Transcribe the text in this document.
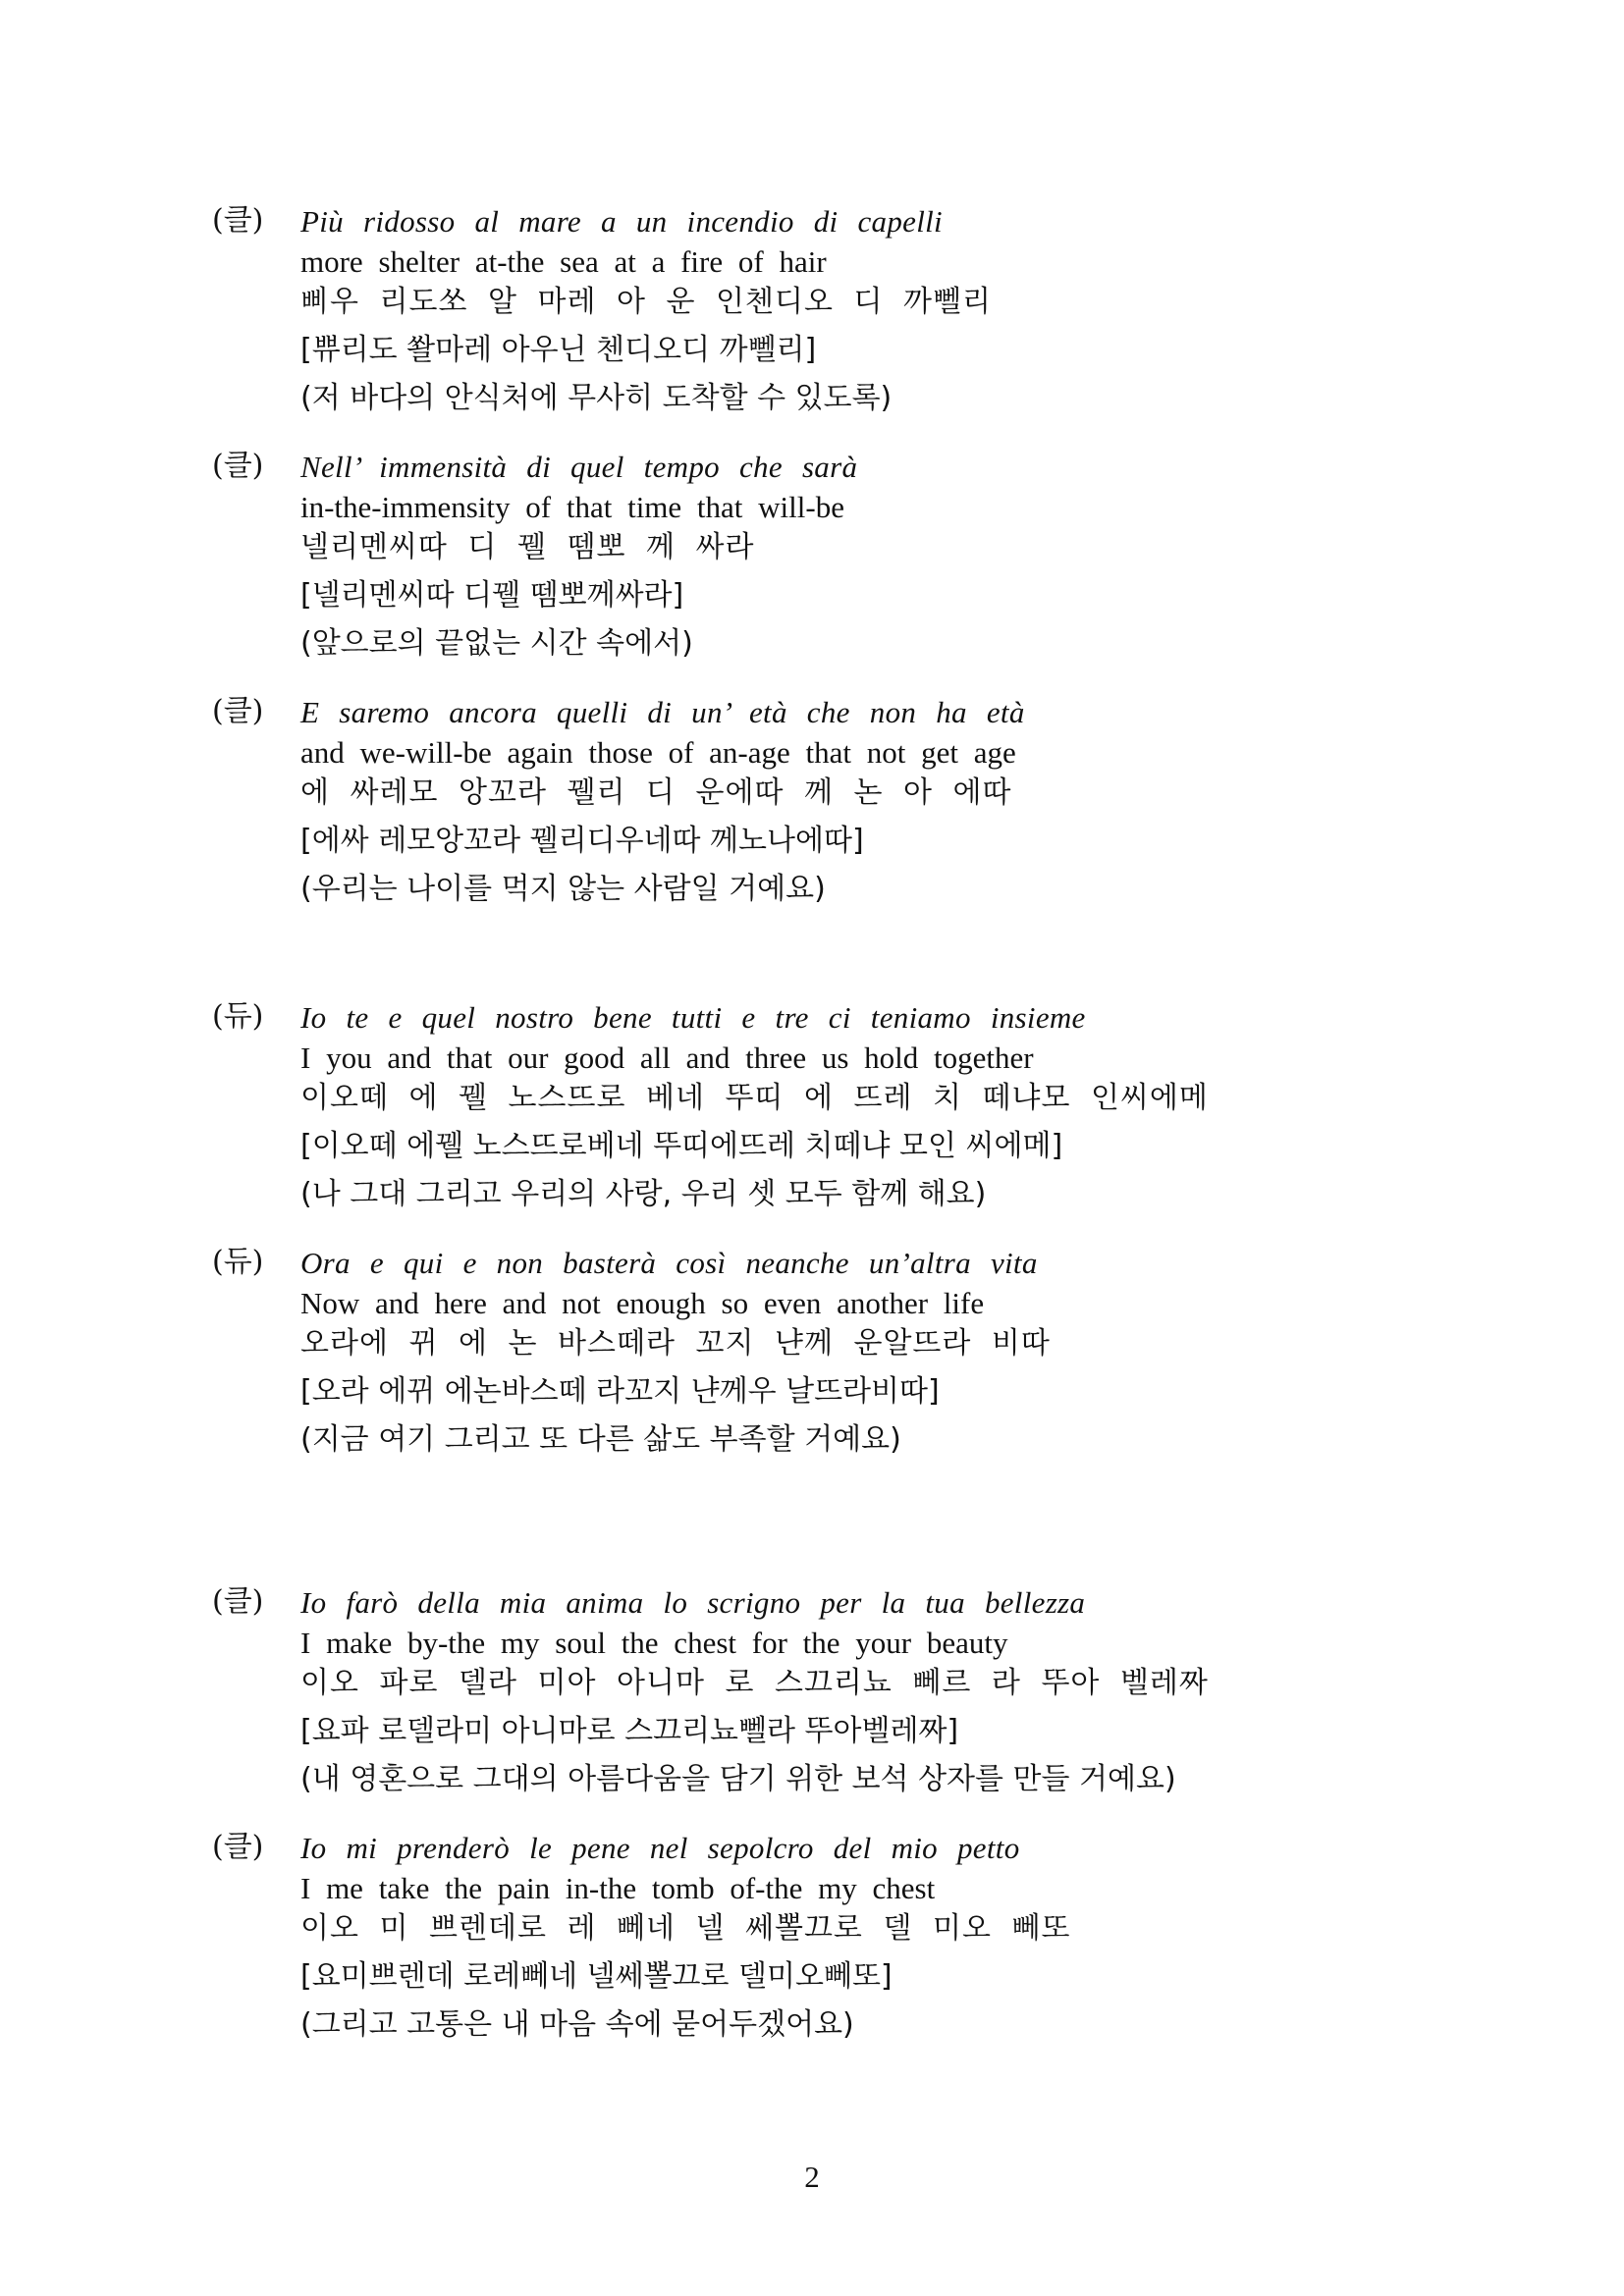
(클) Più ridosso al mare a un incendio di capelli
more shelter at-the sea at a fire of hair
삐우 리도쏘 알 마레 아 운 인첸디오 디 까뻴리
[쀼리도 쏼마레 아우닌 첸디오디 까뻴리]
(저 바다의 안식처에 무사히 도착할 수 있도록)
(클) Nell’ immensità di quel tempo che sarà
in-the-immensity of that time that will-be
넬리멘씨따 디 꿸 뗌뽀 께 싸라
[넬리멘씨따 디꿸 뗌뽀께싸라]
(앞으로의 끝없는 시간 속에서)
(클) E saremo ancora quelli di un’ età che non ha età
and we-will-be again those of an-age that not get age
에 싸레모 앙꼬라 꿸리 디 운에따 께 논 아 에따
[에싸 레모앙꼬라 꿸리디우네따 께노나에따]
(우리는 나이를 먹지 않는 사람일 거예요)
(듀) Io te e quel nostro bene tutti e tre ci teniamo insieme
I you and that our good all and three us hold together
이오떼 에 꿸 노스뜨로 베네 뚜띠 에 뜨레 치 떼냐모 인씨에메
[이오떼 에꿸 노스뜨로베네 뚜띠에뜨레 치떼냐 모인 씨에메]
(나 그대 그리고 우리의 사랑, 우리 셋 모두 함께 해요)
(듀) Ora e qui e non basterà così neanche un’altra vita
Now and here and not enough so even another life
오라에 뀌 에 논 바스떼라 꼬지 냔께 운알뜨라 비따
[오라 에뀌 에논바스떼 라꼬지 냔께우 날뜨라비따]
(지금 여기 그리고 또 다른 삶도 부족할 거예요)
(클) Io farò della mia anima lo scrigno per la tua bellezza
I make by-the my soul the chest for the your beauty
이오 파로 델라 미아 아니마 로 스끄리뇨 뻬르 라 뚜아 벨레짜
[요파 로델라미 아니마로 스끄리뇨뻴라 뚜아벨레짜]
(내 영혼으로 그대의 아름다움을 담기 위한 보석 상자를 만들 거예요)
(클) Io mi prenderò le pene nel sepolcro del mio petto
I me take the pain in-the tomb of-the my chest
이오 미 쁘렌데로 레 뻬네 넬 쎄뽈끄로 델 미오 뻬또
[요미쁘렌데 로레뻬네 넬쎄뽈끄로 델미오뻬또]
(그리고 고통은 내 마음 속에 묻어두겠어요)
2
